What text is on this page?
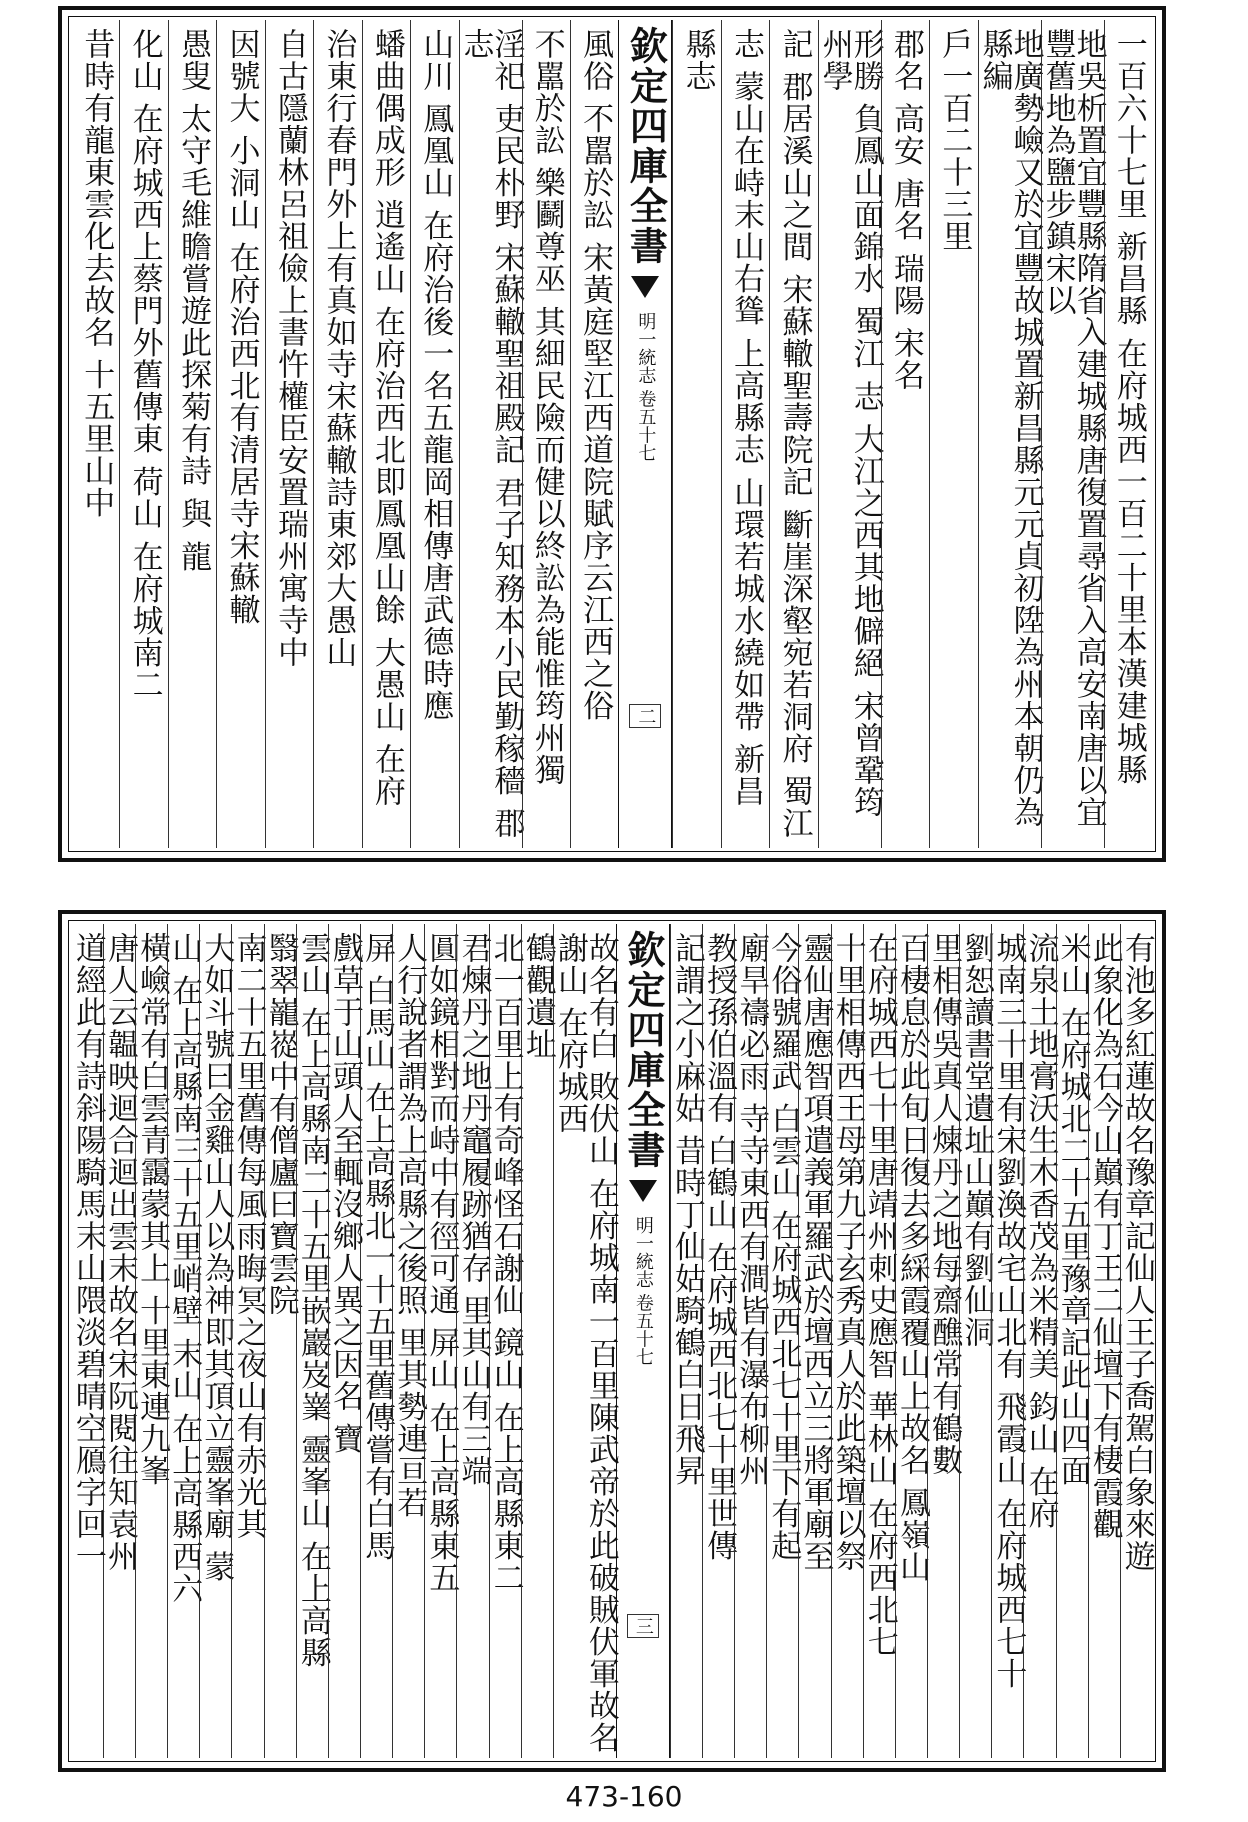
一百六十七里 新昌縣 在府城西一百二十里本漢建城縣
地吳析置宜豐縣隋省入建城縣唐復置尋省入高安南唐以宜豐舊地為鹽步鎮宋以
地廣勢嶮又於宜豐故城置新昌縣元元貞初陞為州本朝仍為縣編
戶一百二十三里
郡名 高安 唐名 瑞陽 宋名
形勝 負鳳山面錦水 蜀江 志 大江之西其地僻絕 宋曾鞏筠州學
記 郡居溪山之間 宋蘇轍聖壽院記 斷崖深壑宛若洞府 蜀江
志 蒙山在峙末山右聳 上高縣志 山環若城水繞如帶 新昌
縣志
欽定四庫全書
明一統志 卷五十七
二
風俗 不嚚於訟 宋黃庭堅江西道院賦序云江西之俗
不嚚於訟 樂鬬尊巫 其細民險而健以終訟為能惟筠州獨
淫祀 吏民朴野 宋蘇轍聖祖殿記 君子知務本小民勤稼穡 郡志
山川 鳳凰山 在府治後一名五龍岡相傳唐武德時應
蟠曲偶成形 逍遙山 在府治西北即鳳凰山餘 大愚山 在府
治東行春門外上有真如寺宋蘇轍詩東郊大愚山
自古隱蘭林呂祖儉上書忤權臣安置瑞州寓寺中
因號大 小洞山 在府治西北有清居寺宋蘇轍
愚叟 太守毛維瞻嘗遊此探菊有詩 與 龍
化山 在府城西上蔡門外舊傳東 荷山 在府城南二
昔時有龍東雲化去故名 十五里山中
有池多紅蓮故名豫章記仙人王子喬駕白象來遊
此象化為石今山巔有丁王二仙壇下有棲霞觀
米山 在府城北二十五里豫章記此山四面
流泉土地膏沃生木香茂為米精美 鈞山 在府
城南三十里有宋劉渙故宅山北有 飛霞山 在府城西七十
劉恕讀書堂遺址山巔有劉仙洞
里相傳吳真人煉丹之地每齋醮常有鶴數
百棲息於此旬日復去多綵霞覆山上故名 鳳嶺山
在府城西七十里唐靖州刺史應智 華林山 在府西北七
十里相傳西王母第九子玄秀真人於此築壇以祭
靈仙唐應智項遣義軍羅武於壇西立三將軍廟至
今俗號羅武 白雲山 在府城西北七十里下有起
廟旱禱必雨 寺寺東西有澗皆有瀑布柳州
教授孫伯溫有 白鶴山 在府城西北七十里世傳
記謂之小麻姑 昔時丁仙姑騎鶴白日飛昇
欽定四庫全書
明一統志 卷五十七
三
故名有白 敗伏山 在府城南一百里陳武帝於此破賊伏軍故名 謝山 在府城西
鶴觀遺址
北一百里上有奇峰怪石謝仙 鏡山 在上高縣東二
君煉丹之地丹竈履跡猶存 里其山有三端
圓如鏡相對而峙中有徑可通 屏山 在上高縣東五
人行說者謂為上高縣之後照 里其勢連亘若
屏 白馬山 在上高縣北一十五里舊傳嘗有白馬
戲草于山頭人至輒沒鄉人異之因名 寶
雲山 在上高縣南二十五里嵌巖岌嶪 靈峯山 在上高縣
翳翠巃嵸中有僧廬曰寶雲院
南二十五里舊傳每風雨晦冥之夜山有赤光其
大如斗號曰金雞山人以為神即其頂立靈峯廟 蒙
山 在上高縣南三十五里峭壁 末山 在上高縣西六
橫嶮常有白雲青靄蒙其上 十里東連九峯
唐人云韞映迴合迴出雲末故名宋阮閱往知袁州
道經此有詩斜陽騎馬末山隈淡碧晴空鴈字回一
473-160
